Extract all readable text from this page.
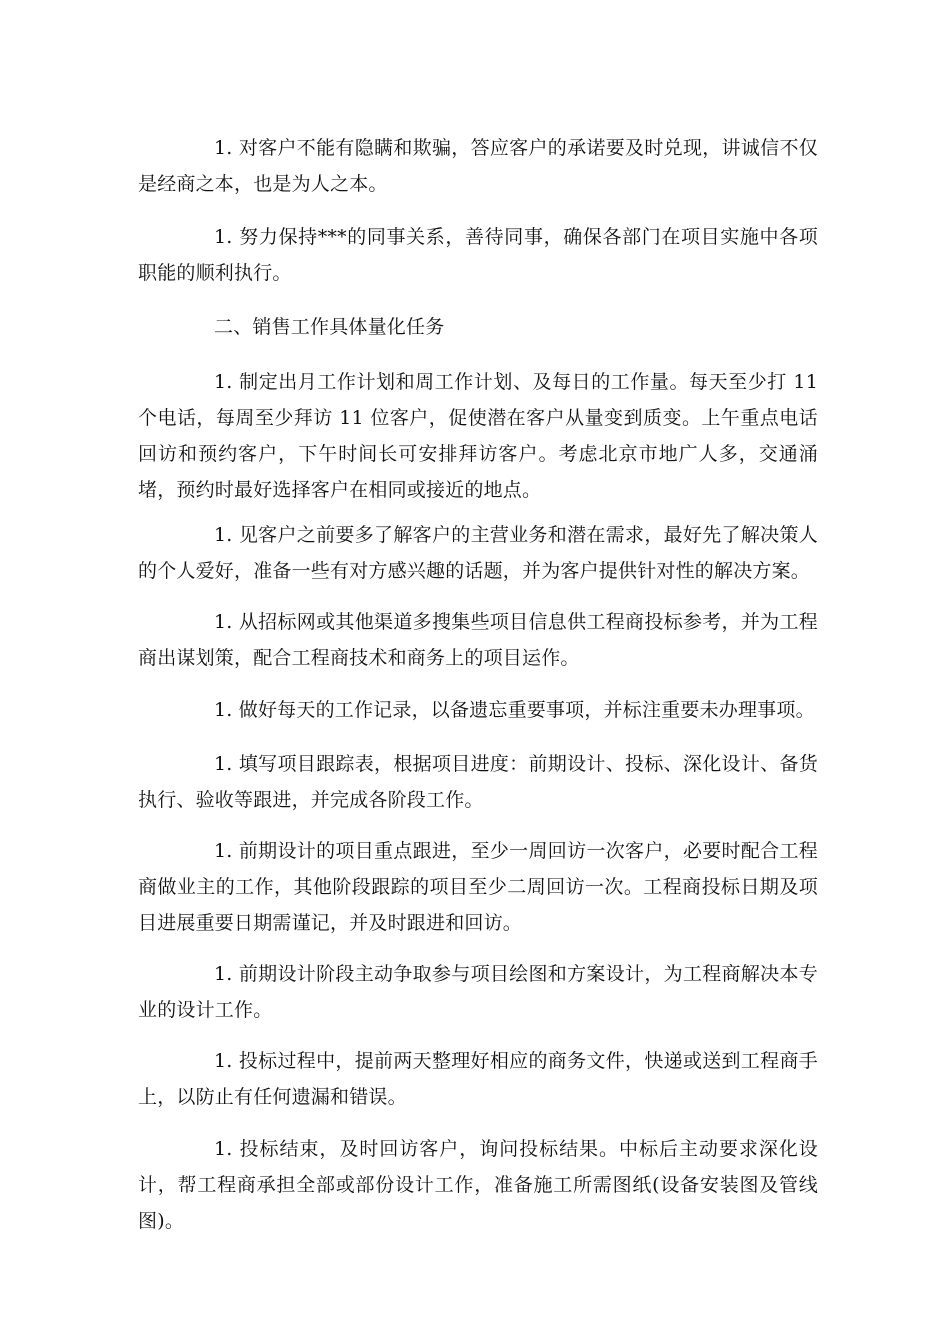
1. 对客户不能有隐瞒和欺骗，答应客户的承诺要及时兑现，讲诚信不仅是经商之本，也是为人之本。

1. 努力保持***的同事关系，善待同事，确保各部门在项目实施中各项职能的顺利执行。

二、销售工作具体量化任务

1. 制定出月工作计划和周工作计划、及每日的工作量。每天至少打 11 个电话，每周至少拜访 11 位客户，促使潜在客户从量变到质变。上午重点电话回访和预约客户，下午时间长可安排拜访客户。考虑北京市地广人多，交通涌堵，预约时最好选择客户在相同或接近的地点。

1. 见客户之前要多了解客户的主营业务和潜在需求，最好先了解决策人的个人爱好，准备一些有对方感兴趣的话题，并为客户提供针对性的解决方案。

1. 从招标网或其他渠道多搜集些项目信息供工程商投标参考，并为工程商出谋划策，配合工程商技术和商务上的项目运作。

1. 做好每天的工作记录，以备遗忘重要事项，并标注重要未办理事项。

1. 填写项目跟踪表，根据项目进度：前期设计、投标、深化设计、备货执行、验收等跟进，并完成各阶段工作。

1. 前期设计的项目重点跟进，至少一周回访一次客户，必要时配合工程商做业主的工作，其他阶段跟踪的项目至少二周回访一次。工程商投标日期及项目进展重要日期需谨记，并及时跟进和回访。

1. 前期设计阶段主动争取参与项目绘图和方案设计，为工程商解决本专业的设计工作。

1. 投标过程中，提前两天整理好相应的商务文件，快递或送到工程商手上，以防止有任何遗漏和错误。

1. 投标结束，及时回访客户，询问投标结果。中标后主动要求深化设计，帮工程商承担全部或部份设计工作，准备施工所需图纸(设备安装图及管线图)。
